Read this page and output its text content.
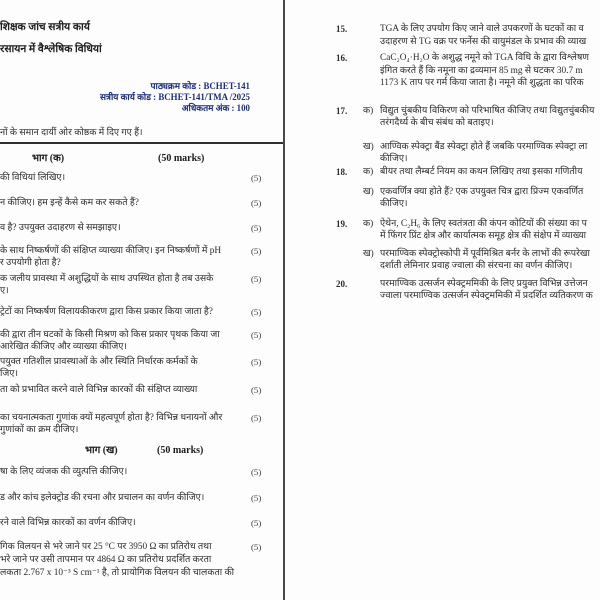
शिक्षक जांच सत्रीय कार्य
रसायन में वैश्लेषिक विधियां
पाठ्यक्रम कोड : BCHET-141
सत्रीय कार्य कोड : BCHET-141/TMA /2025
अधिकतम अंक : 100
नों के समान दायीं ओर कोष्ठक में दिए गए हैं।
भाग (क)	(50 marks)
की विधियां लिखिए।	(5)
न कीजिए। हम इन्हें कैसे कम कर सकते हैं?	(5)
व है? उपयुक्त उदाहरण से समझाइए।	(5)
के साथ निष्कर्षणों की संक्षिप्त व्याख्या कीजिए। इन निष्कर्षणों में pH
र उपयोगी होता है?
(5)
क जलीय प्रावस्था में अशुद्धियों के साथ उपस्थित होता है तब उसके
ए।
(5)
ट्रेटों का निष्कर्षण विलायकीकरण द्वारा किस प्रकार किया जाता है?	(5)
की द्वारा तीन घटकों के किसी मिश्रण को किस प्रकार पृथक किया जा
आरेखित कीजिए और व्याख्या कीजिए।
(5)
पयुक्त गतिशील प्रावस्थाओं के और स्थिति निर्धारक कर्मकों के
जिए।
(5)
ता को प्रभावित करने वाले विभिन्न कारकों की संक्षिप्त व्याख्या	(5)
का चयनात्मकता गुणांक क्यों महत्वपूर्ण होता है? विभिन्न धनायनों और
गुणांकों का क्रम दीजिए।
(5)
भाग (ख)	(50 marks)
षा के लिए व्यंजक की व्युत्पत्ति कीजिए।	(5)
ड और कांच इलेक्ट्रोड की रचना और प्रचालन का वर्णन कीजिए।	(5)
रने वाले विभिन्न कारकों का वर्णन कीजिए।	(5)
गिक विलयन से भरे जाने पर 25 °C पर 3950 Ω का प्रतिरोध तथा
भरे जाने पर उसी तापमान पर 4864 Ω का प्रतिरोध प्रदर्शित करता
लकता 2.767 x 10⁻³ S cm⁻¹ है, तो प्रायोगिक विलयन की चालकता की
(5)
15.	TGA के लिए उपयोग किए जाने वाले उपकरणों के घटकों का व
उदाहरण से TG वक्र पर फर्नेस की वायुमंडल के प्रभाव की व्याख
16.	CaC₂O₄·H₂O के अशुद्ध नमूने को TGA विधि के द्वारा विश्लेषण
इंगित करते हैं कि नमूना का द्रव्यमान 85 mg से घटकर 30.7 m
1173 K ताप पर गर्म किया जाता है। नमूने की शुद्धता का परिक
17. क) विद्युत चुंबकीय विकिरण को परिभाषित कीजिए तथा विद्युतचुंबकीय
तरंगदैर्ध्य के बीच संबंध को बताइए।
ख) आण्विक स्पेक्ट्रा बैंड स्पेक्ट्रा होते हैं जबकि परमाण्विक स्पेक्ट्रा ला
कीजिए।
18. क) बीयर तथा लैम्बर्ट नियम का कथन लिखिए तथा इसका गणितीय
ख) एकवर्णित्र क्या होते हैं? एक उपयुक्त चित्र द्वारा प्रिज्म एकवर्णित
कीजिए।
19. क) ऐथेन, C₂H₆ के लिए स्वतंत्रता की कंपन कोटियों की संख्या का प
में फिंगर प्रिंट क्षेत्र और कार्यात्मक समूह क्षेत्र की संक्षेप में व्याख्या
ख) परमाण्विक स्पेक्ट्रोस्कोपी में पूर्वमिश्रित बर्नर के लाभों की रूपरेखा
दर्शाती लेमिनार प्रवाह ज्वाला की संरचना का वर्णन कीजिए।
20.	परमाण्विक उत्सर्जन स्पेक्ट्रममिकी के लिए प्रयुक्त विभिन्न उत्तेजन
ज्वाला परमाण्विक उत्सर्जन स्पेक्ट्रममिकी में प्रदर्शित व्यतिकरण क
